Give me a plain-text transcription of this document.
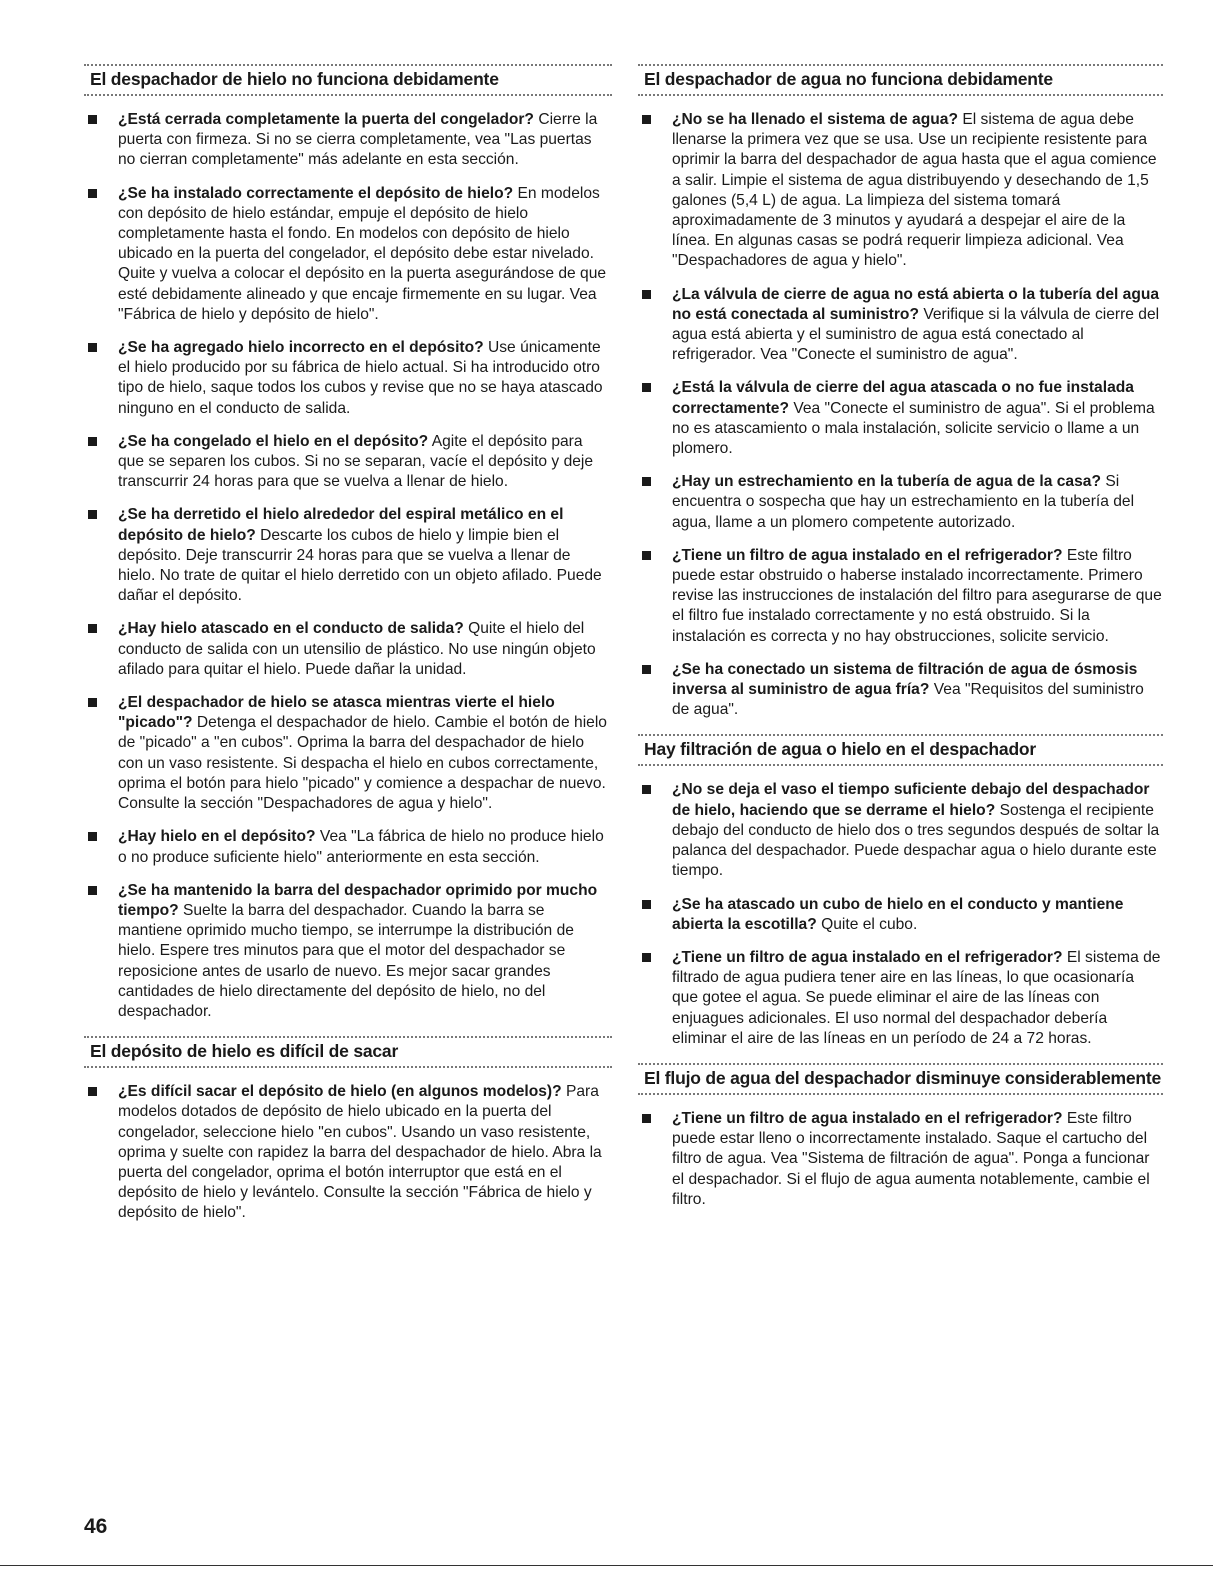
El despachador de hielo no funciona debidamente
¿Está cerrada completamente la puerta del congelador? Cierre la puerta con firmeza. Si no se cierra completamente, vea "Las puertas no cierran completamente" más adelante en esta sección.
¿Se ha instalado correctamente el depósito de hielo? En modelos con depósito de hielo estándar, empuje el depósito de hielo completamente hasta el fondo. En modelos con depósito de hielo ubicado en la puerta del congelador, el depósito debe estar nivelado. Quite y vuelva a colocar el depósito en la puerta asegurándose de que esté debidamente alineado y que encaje firmemente en su lugar. Vea "Fábrica de hielo y depósito de hielo".
¿Se ha agregado hielo incorrecto en el depósito? Use únicamente el hielo producido por su fábrica de hielo actual. Si ha introducido otro tipo de hielo, saque todos los cubos y revise que no se haya atascado ninguno en el conducto de salida.
¿Se ha congelado el hielo en el depósito? Agite el depósito para que se separen los cubos. Si no se separan, vacíe el depósito y deje transcurrir 24 horas para que se vuelva a llenar de hielo.
¿Se ha derretido el hielo alrededor del espiral metálico en el depósito de hielo? Descarte los cubos de hielo y limpie bien el depósito. Deje transcurrir 24 horas para que se vuelva a llenar de hielo. No trate de quitar el hielo derretido con un objeto afilado. Puede dañar el depósito.
¿Hay hielo atascado en el conducto de salida? Quite el hielo del conducto de salida con un utensilio de plástico. No use ningún objeto afilado para quitar el hielo. Puede dañar la unidad.
¿El despachador de hielo se atasca mientras vierte el hielo "picado"? Detenga el despachador de hielo. Cambie el botón de hielo de "picado" a "en cubos". Oprima la barra del despachador de hielo con un vaso resistente. Si despacha el hielo en cubos correctamente, oprima el botón para hielo "picado" y comience a despachar de nuevo. Consulte la sección "Despachadores de agua y hielo".
¿Hay hielo en el depósito? Vea "La fábrica de hielo no produce hielo o no produce suficiente hielo" anteriormente en esta sección.
¿Se ha mantenido la barra del despachador oprimido por mucho tiempo? Suelte la barra del despachador. Cuando la barra se mantiene oprimido mucho tiempo, se interrumpe la distribución de hielo. Espere tres minutos para que el motor del despachador se reposicione antes de usarlo de nuevo. Es mejor sacar grandes cantidades de hielo directamente del depósito de hielo, no del despachador.
El depósito de hielo es difícil de sacar
¿Es difícil sacar el depósito de hielo (en algunos modelos)? Para modelos dotados de depósito de hielo ubicado en la puerta del congelador, seleccione hielo "en cubos". Usando un vaso resistente, oprima y suelte con rapidez la barra del despachador de hielo. Abra la puerta del congelador, oprima el botón interruptor que está en el depósito de hielo y levántelo. Consulte la sección "Fábrica de hielo y depósito de hielo".
El despachador de agua no funciona debidamente
¿No se ha llenado el sistema de agua? El sistema de agua debe llenarse la primera vez que se usa. Use un recipiente resistente para oprimir la barra del despachador de agua hasta que el agua comience a salir. Limpie el sistema de agua distribuyendo y desechando de 1,5 galones (5,4 L) de agua. La limpieza del sistema tomará aproximadamente de 3 minutos y ayudará a despejar el aire de la línea. En algunas casas se podrá requerir limpieza adicional. Vea "Despachadores de agua y hielo".
¿La válvula de cierre de agua no está abierta o la tubería del agua no está conectada al suministro? Verifique si la válvula de cierre del agua está abierta y el suministro de agua está conectado al refrigerador. Vea "Conecte el suministro de agua".
¿Está la válvula de cierre del agua atascada o no fue instalada correctamente? Vea "Conecte el suministro de agua". Si el problema no es atascamiento o mala instalación, solicite servicio o llame a un plomero.
¿Hay un estrechamiento en la tubería de agua de la casa? Si encuentra o sospecha que hay un estrechamiento en la tubería del agua, llame a un plomero competente autorizado.
¿Tiene un filtro de agua instalado en el refrigerador? Este filtro puede estar obstruido o haberse instalado incorrectamente. Primero revise las instrucciones de instalación del filtro para asegurarse de que el filtro fue instalado correctamente y no está obstruido. Si la instalación es correcta y no hay obstrucciones, solicite servicio.
¿Se ha conectado un sistema de filtración de agua de ósmosis inversa al suministro de agua fría? Vea "Requisitos del suministro de agua".
Hay filtración de agua o hielo en el despachador
¿No se deja el vaso el tiempo suficiente debajo del despachador de hielo, haciendo que se derrame el hielo? Sostenga el recipiente debajo del conducto de hielo dos o tres segundos después de soltar la palanca del despachador. Puede despachar agua o hielo durante este tiempo.
¿Se ha atascado un cubo de hielo en el conducto y mantiene abierta la escotilla? Quite el cubo.
¿Tiene un filtro de agua instalado en el refrigerador? El sistema de filtrado de agua pudiera tener aire en las líneas, lo que ocasionaría que gotee el agua. Se puede eliminar el aire de las líneas con enjuagues adicionales. El uso normal del despachador debería eliminar el aire de las líneas en un período de 24 a 72 horas.
El flujo de agua del despachador disminuye considerablemente
¿Tiene un filtro de agua instalado en el refrigerador? Este filtro puede estar lleno o incorrectamente instalado. Saque el cartucho del filtro de agua. Vea "Sistema de filtración de agua". Ponga a funcionar el despachador. Si el flujo de agua aumenta notablemente, cambie el filtro.
46
